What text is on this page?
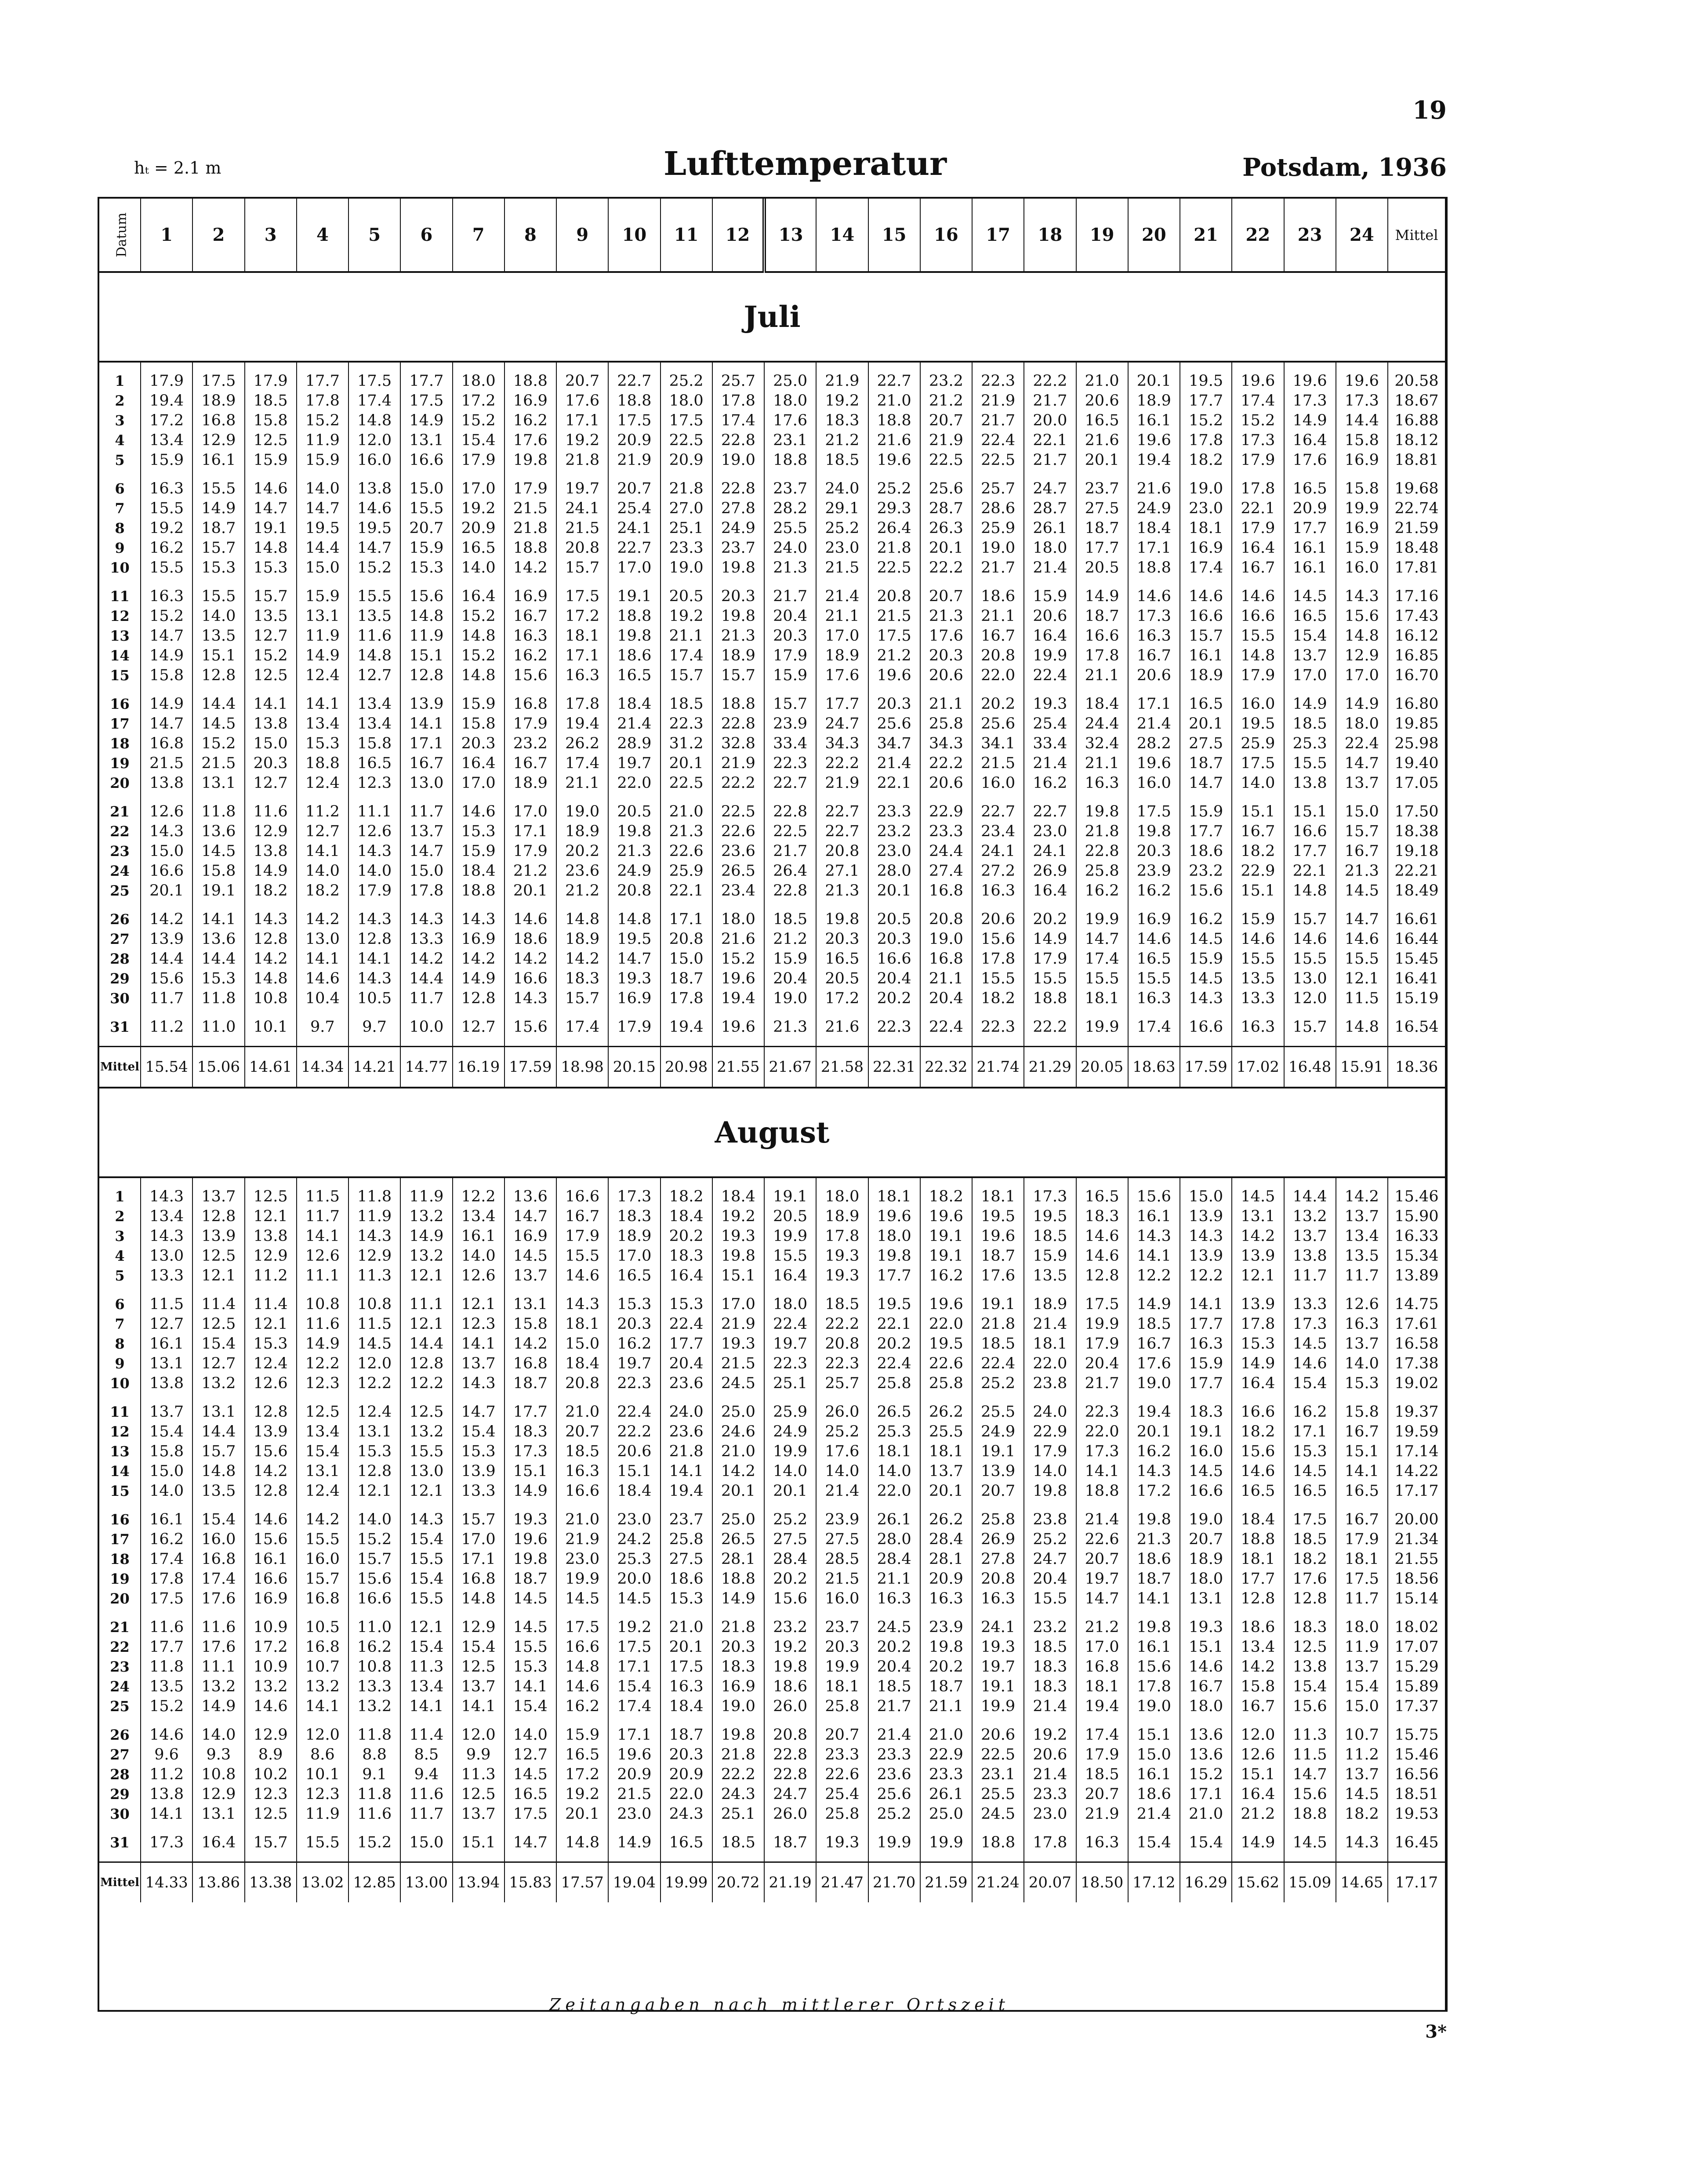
19
hₜ = 2.1 m	Lufttemperatur	Potsdam, 1936
Datum	1	2	3	4	5	6	7	8	9	10	11	12	13	14	15	16	17	18	19	20	21	22	23	24	Mittel
Juli																									

1	17.9	17.5	17.9	17.7	17.5	17.7	18.0	18.8	20.7	22.7	25.2	25.7	25.0	21.9	22.7	23.2	22.3	22.2	21.0	20.1	19.5	19.6	19.6	19.6	20.58
2	19.4	18.9	18.5	17.8	17.4	17.5	17.2	16.9	17.6	18.8	18.0	17.8	18.0	19.2	21.0	21.2	21.9	21.7	20.6	18.9	17.7	17.4	17.3	17.3	18.67
3	17.2	16.8	15.8	15.2	14.8	14.9	15.2	16.2	17.1	17.5	17.5	17.4	17.6	18.3	18.8	20.7	21.7	20.0	16.5	16.1	15.2	15.2	14.9	14.4	16.88
4	13.4	12.9	12.5	11.9	12.0	13.1	15.4	17.6	19.2	20.9	22.5	22.8	23.1	21.2	21.6	21.9	22.4	22.1	21.6	19.6	17.8	17.3	16.4	15.8	18.12
5	15.9	16.1	15.9	15.9	16.0	16.6	17.9	19.8	21.8	21.9	20.9	19.0	18.8	18.5	19.6	22.5	22.5	21.7	20.1	19.4	18.2	17.9	17.6	16.9	18.81

6	16.3	15.5	14.6	14.0	13.8	15.0	17.0	17.9	19.7	20.7	21.8	22.8	23.7	24.0	25.2	25.6	25.7	24.7	23.7	21.6	19.0	17.8	16.5	15.8	19.68
7	15.5	14.9	14.7	14.7	14.6	15.5	19.2	21.5	24.1	25.4	27.0	27.8	28.2	29.1	29.3	28.7	28.6	28.7	27.5	24.9	23.0	22.1	20.9	19.9	22.74
8	19.2	18.7	19.1	19.5	19.5	20.7	20.9	21.8	21.5	24.1	25.1	24.9	25.5	25.2	26.4	26.3	25.9	26.1	18.7	18.4	18.1	17.9	17.7	16.9	21.59
9	16.2	15.7	14.8	14.4	14.7	15.9	16.5	18.8	20.8	22.7	23.3	23.7	24.0	23.0	21.8	20.1	19.0	18.0	17.7	17.1	16.9	16.4	16.1	15.9	18.48
10	15.5	15.3	15.3	15.0	15.2	15.3	14.0	14.2	15.7	17.0	19.0	19.8	21.3	21.5	22.5	22.2	21.7	21.4	20.5	18.8	17.4	16.7	16.1	16.0	17.81

11	16.3	15.5	15.7	15.9	15.5	15.6	16.4	16.9	17.5	19.1	20.5	20.3	21.7	21.4	20.8	20.7	18.6	15.9	14.9	14.6	14.6	14.6	14.5	14.3	17.16
12	15.2	14.0	13.5	13.1	13.5	14.8	15.2	16.7	17.2	18.8	19.2	19.8	20.4	21.1	21.5	21.3	21.1	20.6	18.7	17.3	16.6	16.6	16.5	15.6	17.43
13	14.7	13.5	12.7	11.9	11.6	11.9	14.8	16.3	18.1	19.8	21.1	21.3	20.3	17.0	17.5	17.6	16.7	16.4	16.6	16.3	15.7	15.5	15.4	14.8	16.12
14	14.9	15.1	15.2	14.9	14.8	15.1	15.2	16.2	17.1	18.6	17.4	18.9	17.9	18.9	21.2	20.3	20.8	19.9	17.8	16.7	16.1	14.8	13.7	12.9	16.85
15	15.8	12.8	12.5	12.4	12.7	12.8	14.8	15.6	16.3	16.5	15.7	15.7	15.9	17.6	19.6	20.6	22.0	22.4	21.1	20.6	18.9	17.9	17.0	17.0	16.70

16	14.9	14.4	14.1	14.1	13.4	13.9	15.9	16.8	17.8	18.4	18.5	18.8	15.7	17.7	20.3	21.1	20.2	19.3	18.4	17.1	16.5	16.0	14.9	14.9	16.80
17	14.7	14.5	13.8	13.4	13.4	14.1	15.8	17.9	19.4	21.4	22.3	22.8	23.9	24.7	25.6	25.8	25.6	25.4	24.4	21.4	20.1	19.5	18.5	18.0	19.85
18	16.8	15.2	15.0	15.3	15.8	17.1	20.3	23.2	26.2	28.9	31.2	32.8	33.4	34.3	34.7	34.3	34.1	33.4	32.4	28.2	27.5	25.9	25.3	22.4	25.98
19	21.5	21.5	20.3	18.8	16.5	16.7	16.4	16.7	17.4	19.7	20.1	21.9	22.3	22.2	21.4	22.2	21.5	21.4	21.1	19.6	18.7	17.5	15.5	14.7	19.40
20	13.8	13.1	12.7	12.4	12.3	13.0	17.0	18.9	21.1	22.0	22.5	22.2	22.7	21.9	22.1	20.6	16.0	16.2	16.3	16.0	14.7	14.0	13.8	13.7	17.05

21	12.6	11.8	11.6	11.2	11.1	11.7	14.6	17.0	19.0	20.5	21.0	22.5	22.8	22.7	23.3	22.9	22.7	22.7	19.8	17.5	15.9	15.1	15.1	15.0	17.50
22	14.3	13.6	12.9	12.7	12.6	13.7	15.3	17.1	18.9	19.8	21.3	22.6	22.5	22.7	23.2	23.3	23.4	23.0	21.8	19.8	17.7	16.7	16.6	15.7	18.38
23	15.0	14.5	13.8	14.1	14.3	14.7	15.9	17.9	20.2	21.3	22.6	23.6	21.7	20.8	23.0	24.4	24.1	24.1	22.8	20.3	18.6	18.2	17.7	16.7	19.18
24	16.6	15.8	14.9	14.0	14.0	15.0	18.4	21.2	23.6	24.9	25.9	26.5	26.4	27.1	28.0	27.4	27.2	26.9	25.8	23.9	23.2	22.9	22.1	21.3	22.21
25	20.1	19.1	18.2	18.2	17.9	17.8	18.8	20.1	21.2	20.8	22.1	23.4	22.8	21.3	20.1	16.8	16.3	16.4	16.2	16.2	15.6	15.1	14.8	14.5	18.49

26	14.2	14.1	14.3	14.2	14.3	14.3	14.3	14.6	14.8	14.8	17.1	18.0	18.5	19.8	20.5	20.8	20.6	20.2	19.9	16.9	16.2	15.9	15.7	14.7	16.61
27	13.9	13.6	12.8	13.0	12.8	13.3	16.9	18.6	18.9	19.5	20.8	21.6	21.2	20.3	20.3	19.0	15.6	14.9	14.7	14.6	14.5	14.6	14.6	14.6	16.44
28	14.4	14.4	14.2	14.1	14.1	14.2	14.2	14.2	14.2	14.7	15.0	15.2	15.9	16.5	16.6	16.8	17.8	17.9	17.4	16.5	15.9	15.5	15.5	15.5	15.45
29	15.6	15.3	14.8	14.6	14.3	14.4	14.9	16.6	18.3	19.3	18.7	19.6	20.4	20.5	20.4	21.1	15.5	15.5	15.5	15.5	14.5	13.5	13.0	12.1	16.41
30	11.7	11.8	10.8	10.4	10.5	11.7	12.8	14.3	15.7	16.9	17.8	19.4	19.0	17.2	20.2	20.4	18.2	18.8	18.1	16.3	14.3	13.3	12.0	11.5	15.19

31	11.2	11.0	10.1	9.7	9.7	10.0	12.7	15.6	17.4	17.9	19.4	19.6	21.3	21.6	22.3	22.4	22.3	22.2	19.9	17.4	16.6	16.3	15.7	14.8	16.54

Mittel	15.54	15.06	14.61	14.34	14.21	14.77	16.19	17.59	18.98	20.15	20.98	21.55	21.67	21.58	22.31	22.32	21.74	21.29	20.05	18.63	17.59	17.02	16.48	15.91	18.36
August																									

1	14.3	13.7	12.5	11.5	11.8	11.9	12.2	13.6	16.6	17.3	18.2	18.4	19.1	18.0	18.1	18.2	18.1	17.3	16.5	15.6	15.0	14.5	14.4	14.2	15.46
2	13.4	12.8	12.1	11.7	11.9	13.2	13.4	14.7	16.7	18.3	18.4	19.2	20.5	18.9	19.6	19.6	19.5	19.5	18.3	16.1	13.9	13.1	13.2	13.7	15.90
3	14.3	13.9	13.8	14.1	14.3	14.9	16.1	16.9	17.9	18.9	20.2	19.3	19.9	17.8	18.0	19.1	19.6	18.5	14.6	14.3	14.3	14.2	13.7	13.4	16.33
4	13.0	12.5	12.9	12.6	12.9	13.2	14.0	14.5	15.5	17.0	18.3	19.8	15.5	19.3	19.8	19.1	18.7	15.9	14.6	14.1	13.9	13.9	13.8	13.5	15.34
5	13.3	12.1	11.2	11.1	11.3	12.1	12.6	13.7	14.6	16.5	16.4	15.1	16.4	19.3	17.7	16.2	17.6	13.5	12.8	12.2	12.2	12.1	11.7	11.7	13.89

6	11.5	11.4	11.4	10.8	10.8	11.1	12.1	13.1	14.3	15.3	15.3	17.0	18.0	18.5	19.5	19.6	19.1	18.9	17.5	14.9	14.1	13.9	13.3	12.6	14.75
7	12.7	12.5	12.1	11.6	11.5	12.1	12.3	15.8	18.1	20.3	22.4	21.9	22.4	22.2	22.1	22.0	21.8	21.4	19.9	18.5	17.7	17.8	17.3	16.3	17.61
8	16.1	15.4	15.3	14.9	14.5	14.4	14.1	14.2	15.0	16.2	17.7	19.3	19.7	20.8	20.2	19.5	18.5	18.1	17.9	16.7	16.3	15.3	14.5	13.7	16.58
9	13.1	12.7	12.4	12.2	12.0	12.8	13.7	16.8	18.4	19.7	20.4	21.5	22.3	22.3	22.4	22.6	22.4	22.0	20.4	17.6	15.9	14.9	14.6	14.0	17.38
10	13.8	13.2	12.6	12.3	12.2	12.2	14.3	18.7	20.8	22.3	23.6	24.5	25.1	25.7	25.8	25.8	25.2	23.8	21.7	19.0	17.7	16.4	15.4	15.3	19.02

11	13.7	13.1	12.8	12.5	12.4	12.5	14.7	17.7	21.0	22.4	24.0	25.0	25.9	26.0	26.5	26.2	25.5	24.0	22.3	19.4	18.3	16.6	16.2	15.8	19.37
12	15.4	14.4	13.9	13.4	13.1	13.2	15.4	18.3	20.7	22.2	23.6	24.6	24.9	25.2	25.3	25.5	24.9	22.9	22.0	20.1	19.1	18.2	17.1	16.7	19.59
13	15.8	15.7	15.6	15.4	15.3	15.5	15.3	17.3	18.5	20.6	21.8	21.0	19.9	17.6	18.1	18.1	19.1	17.9	17.3	16.2	16.0	15.6	15.3	15.1	17.14
14	15.0	14.8	14.2	13.1	12.8	13.0	13.9	15.1	16.3	15.1	14.1	14.2	14.0	14.0	14.0	13.7	13.9	14.0	14.1	14.3	14.5	14.6	14.5	14.1	14.22
15	14.0	13.5	12.8	12.4	12.1	12.1	13.3	14.9	16.6	18.4	19.4	20.1	20.1	21.4	22.0	20.1	20.7	19.8	18.8	17.2	16.6	16.5	16.5	16.5	17.17

16	16.1	15.4	14.6	14.2	14.0	14.3	15.7	19.3	21.0	23.0	23.7	25.0	25.2	23.9	26.1	26.2	25.8	23.8	21.4	19.8	19.0	18.4	17.5	16.7	20.00
17	16.2	16.0	15.6	15.5	15.2	15.4	17.0	19.6	21.9	24.2	25.8	26.5	27.5	27.5	28.0	28.4	26.9	25.2	22.6	21.3	20.7	18.8	18.5	17.9	21.34
18	17.4	16.8	16.1	16.0	15.7	15.5	17.1	19.8	23.0	25.3	27.5	28.1	28.4	28.5	28.4	28.1	27.8	24.7	20.7	18.6	18.9	18.1	18.2	18.1	21.55
19	17.8	17.4	16.6	15.7	15.6	15.4	16.8	18.7	19.9	20.0	18.6	18.8	20.2	21.5	21.1	20.9	20.8	20.4	19.7	18.7	18.0	17.7	17.6	17.5	18.56
20	17.5	17.6	16.9	16.8	16.6	15.5	14.8	14.5	14.5	14.5	15.3	14.9	15.6	16.0	16.3	16.3	16.3	15.5	14.7	14.1	13.1	12.8	12.8	11.7	15.14

21	11.6	11.6	10.9	10.5	11.0	12.1	12.9	14.5	17.5	19.2	21.0	21.8	23.2	23.7	24.5	23.9	24.1	23.2	21.2	19.8	19.3	18.6	18.3	18.0	18.02
22	17.7	17.6	17.2	16.8	16.2	15.4	15.4	15.5	16.6	17.5	20.1	20.3	19.2	20.3	20.2	19.8	19.3	18.5	17.0	16.1	15.1	13.4	12.5	11.9	17.07
23	11.8	11.1	10.9	10.7	10.8	11.3	12.5	15.3	14.8	17.1	17.5	18.3	19.8	19.9	20.4	20.2	19.7	18.3	16.8	15.6	14.6	14.2	13.8	13.7	15.29
24	13.5	13.2	13.2	13.2	13.3	13.4	13.7	14.1	14.6	15.4	16.3	16.9	18.6	18.1	18.5	18.7	19.1	18.3	18.1	17.8	16.7	15.8	15.4	15.4	15.89
25	15.2	14.9	14.6	14.1	13.2	14.1	14.1	15.4	16.2	17.4	18.4	19.0	26.0	25.8	21.7	21.1	19.9	21.4	19.4	19.0	18.0	16.7	15.6	15.0	17.37

26	14.6	14.0	12.9	12.0	11.8	11.4	12.0	14.0	15.9	17.1	18.7	19.8	20.8	20.7	21.4	21.0	20.6	19.2	17.4	15.1	13.6	12.0	11.3	10.7	15.75
27	9.6	9.3	8.9	8.6	8.8	8.5	9.9	12.7	16.5	19.6	20.3	21.8	22.8	23.3	23.3	22.9	22.5	20.6	17.9	15.0	13.6	12.6	11.5	11.2	15.46
28	11.2	10.8	10.2	10.1	9.1	9.4	11.3	14.5	17.2	20.9	20.9	22.2	22.8	22.6	23.6	23.3	23.1	21.4	18.5	16.1	15.2	15.1	14.7	13.7	16.56
29	13.8	12.9	12.3	12.3	11.8	11.6	12.5	16.5	19.2	21.5	22.0	24.3	24.7	25.4	25.6	26.1	25.5	23.3	20.7	18.6	17.1	16.4	15.6	14.5	18.51
30	14.1	13.1	12.5	11.9	11.6	11.7	13.7	17.5	20.1	23.0	24.3	25.1	26.0	25.8	25.2	25.0	24.5	23.0	21.9	21.4	21.0	21.2	18.8	18.2	19.53

31	17.3	16.4	15.7	15.5	15.2	15.0	15.1	14.7	14.8	14.9	16.5	18.5	18.7	19.3	19.9	19.9	18.8	17.8	16.3	15.4	15.4	14.9	14.5	14.3	16.45

Mittel	14.33	13.86	13.38	13.02	12.85	13.00	13.94	15.83	17.57	19.04	19.99	20.72	21.19	21.47	21.70	21.59	21.24	20.07	18.50	17.12	16.29	15.62	15.09	14.65	17.17
Zeitangaben nach mittlerer Ortszeit
3*
